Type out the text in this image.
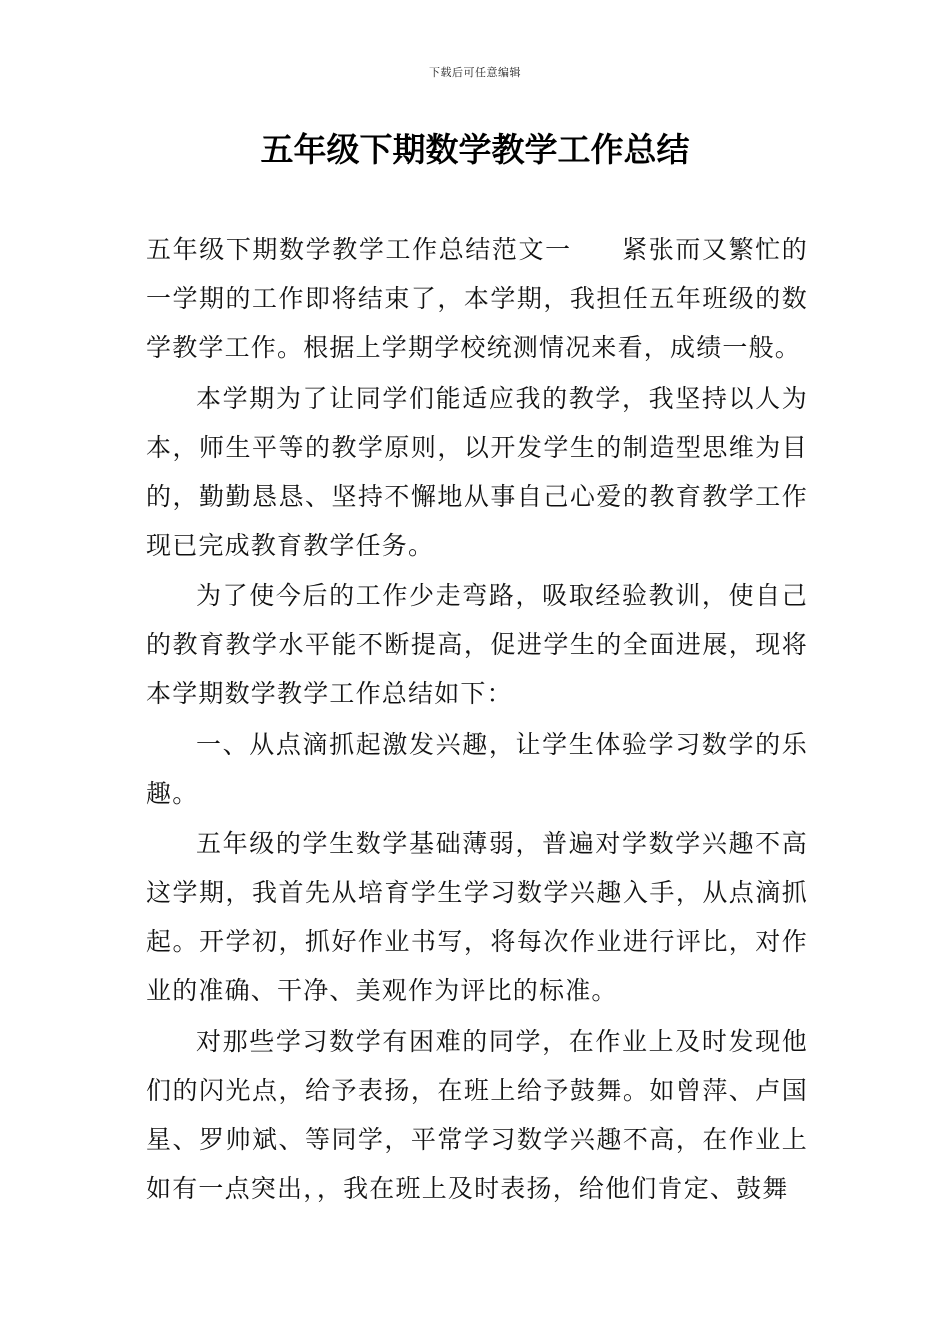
下载后可任意编辑
五年级下期数学教学工作总结

五年级下期数学教学工作总结范文一 紧张而又繁忙的一学期的工作即将结束了，本学期，我担任五年班级的数学教学工作。根据上学期学校统测情况来看，成绩一般。

本学期为了让同学们能适应我的教学，我坚持以人为本，师生平等的教学原则，以开发学生的制造型思维为目的，勤勤恳恳、坚持不懈地从事自己心爱的教育教学工作现已完成教育教学任务。

为了使今后的工作少走弯路，吸取经验教训，使自己的教育教学水平能不断提高，促进学生的全面进展，现将本学期数学教学工作总结如下：

一、从点滴抓起激发兴趣，让学生体验学习数学的乐趣。

五年级的学生数学基础薄弱，普遍对学数学兴趣不高这学期，我首先从培育学生学习数学兴趣入手，从点滴抓起。开学初，抓好作业书写，将每次作业进行评比，对作业的准确、干净、美观作为评比的标准。

对那些学习数学有困难的同学，在作业上及时发现他们的闪光点，给予表扬，在班上给予鼓舞。如曾萍、卢国星、罗帅斌、等同学，平常学习数学兴趣不高，在作业上如有一点突出，，我在班上及时表扬，给他们肯定、鼓舞
